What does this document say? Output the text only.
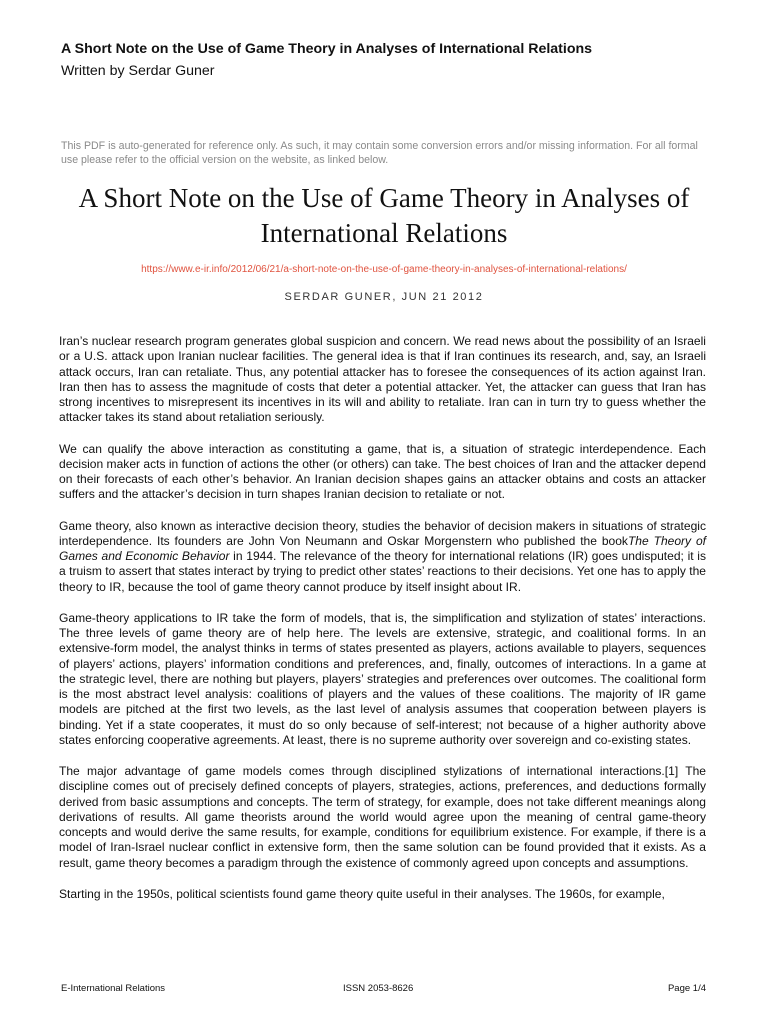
A Short Note on the Use of Game Theory in Analyses of International Relations
Written by Serdar Guner
This PDF is auto-generated for reference only. As such, it may contain some conversion errors and/or missing information. For all formal use please refer to the official version on the website, as linked below.
A Short Note on the Use of Game Theory in Analyses of International Relations
https://www.e-ir.info/2012/06/21/a-short-note-on-the-use-of-game-theory-in-analyses-of-international-relations/
SERDAR GUNER, JUN 21 2012

Iran’s nuclear research program generates global suspicion and concern. We read news about the possibility of an Israeli or a U.S. attack upon Iranian nuclear facilities. The general idea is that if Iran continues its research, and, say, an Israeli attack occurs, Iran can retaliate. Thus, any potential attacker has to foresee the consequences of its action against Iran. Iran then has to assess the magnitude of costs that deter a potential attacker. Yet, the attacker can guess that Iran has strong incentives to misrepresent its incentives in its will and ability to retaliate. Iran can in turn try to guess whether the attacker takes its stand about retaliation seriously.

We can qualify the above interaction as constituting a game, that is, a situation of strategic interdependence. Each decision maker acts in function of actions the other (or others) can take. The best choices of Iran and the attacker depend on their forecasts of each other’s behavior. An Iranian decision shapes gains an attacker obtains and costs an attacker suffers and the attacker’s decision in turn shapes Iranian decision to retaliate or not.

Game theory, also known as interactive decision theory, studies the behavior of decision makers in situations of strategic interdependence. Its founders are John Von Neumann and Oskar Morgenstern who published the bookThe Theory of Games and Economic Behavior in 1944. The relevance of the theory for international relations (IR) goes undisputed; it is a truism to assert that states interact by trying to predict other states’ reactions to their decisions. Yet one has to apply the theory to IR, because the tool of game theory cannot produce by itself insight about IR.

Game-theory applications to IR take the form of models, that is, the simplification and stylization of states’ interactions. The three levels of game theory are of help here. The levels are extensive, strategic, and coalitional forms. In an extensive-form model, the analyst thinks in terms of states presented as players, actions available to players, sequences of players’ actions, players’ information conditions and preferences, and, finally, outcomes of interactions. In a game at the strategic level, there are nothing but players, players’ strategies and preferences over outcomes. The coalitional form is the most abstract level analysis: coalitions of players and the values of these coalitions. The majority of IR game models are pitched at the first two levels, as the last level of analysis assumes that cooperation between players is binding. Yet if a state cooperates, it must do so only because of self-interest; not because of a higher authority above states enforcing cooperative agreements. At least, there is no supreme authority over sovereign and co-existing states.

The major advantage of game models comes through disciplined stylizations of international interactions.[1] The discipline comes out of precisely defined concepts of players, strategies, actions, preferences, and deductions formally derived from basic assumptions and concepts. The term of strategy, for example, does not take different meanings along derivations of results. All game theorists around the world would agree upon the meaning of central game-theory concepts and would derive the same results, for example, conditions for equilibrium existence. For example, if there is a model of Iran-Israel nuclear conflict in extensive form, then the same solution can be found provided that it exists. As a result, game theory becomes a paradigm through the existence of commonly agreed upon concepts and assumptions.

Starting in the 1950s, political scientists found game theory quite useful in their analyses. The 1960s, for example,

E-International Relations	ISSN 2053-8626	Page 1/4
